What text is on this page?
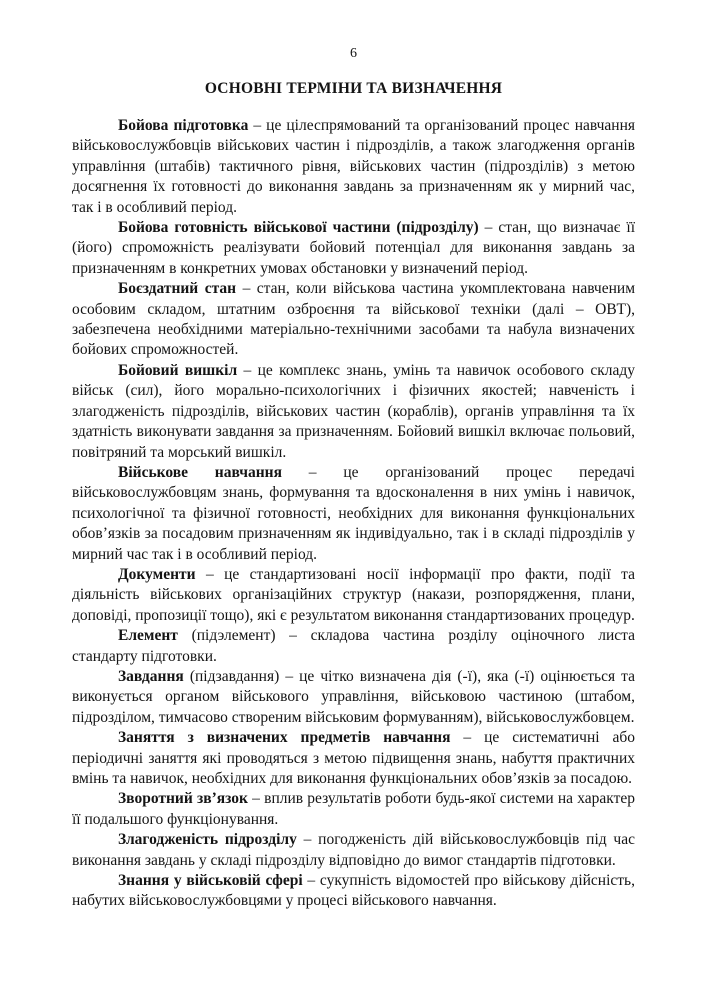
6
ОСНОВНІ ТЕРМІНИ ТА ВИЗНАЧЕННЯ

Бойова підготовка – це цілеспрямований та організований процес навчання військовослужбовців військових частин і підрозділів, а також злагодження органів управління (штабів) тактичного рівня, військових частин (підрозділів) з метою досягнення їх готовності до виконання завдань за призначенням як у мирний час, так і в особливий період.

Бойова готовність військової частини (підрозділу) – стан, що визначає її (його) спроможність реалізувати бойовий потенціал для виконання завдань за призначенням в конкретних умовах обстановки у визначений період.

Боєздатний стан – стан, коли військова частина укомплектована навченим особовим складом, штатним озброєння та військової техніки (далі – ОВТ), забезпечена необхідними матеріально-технічними засобами та набула визначених бойових спроможностей.

Бойовий вишкіл – це комплекс знань, умінь та навичок особового складу військ (сил), його морально-психологічних і фізичних якостей; навченість і злагодженість підрозділів, військових частин (кораблів), органів управління та їх здатність виконувати завдання за призначенням. Бойовий вишкіл включає польовий, повітряний та морський вишкіл.

Військове навчання – це організований процес передачі військовослужбовцям знань, формування та вдосконалення в них умінь і навичок, психологічної та фізичної готовності, необхідних для виконання функціональних обов’язків за посадовим призначенням як індивідуально, так і в складі підрозділів у мирний час так і в особливий період.

Документи – це стандартизовані носії інформації про факти, події та діяльність військових організаційних структур (накази, розпорядження, плани, доповіді, пропозиції тощо), які є результатом виконання стандартизованих процедур.

Елемент (підэлемент) – складова частина розділу оціночного листа стандарту підготовки.

Завдання (підзавдання) – це чітко визначена дія (-ї), яка (-ї) оцінюється та виконується органом військового управління, військовою частиною (штабом, підрозділом, тимчасово створеним військовим формуванням), військовослужбовцем.

Заняття з визначених предметів навчання – це систематичні або періодичні заняття які проводяться з метою підвищення знань, набуття практичних вмінь та навичок, необхідних для виконання функціональних обов’язків за посадою.

Зворотний зв’язок – вплив результатів роботи будь-якої системи на характер її подальшого функціонування.

Злагодженість підрозділу – погодженість дій військовослужбовців під час виконання завдань у складі підрозділу відповідно до вимог стандартів підготовки.

Знання у військовій сфері – сукупність відомостей про військову дійсність, набутих військовослужбовцями у процесі військового навчання.
